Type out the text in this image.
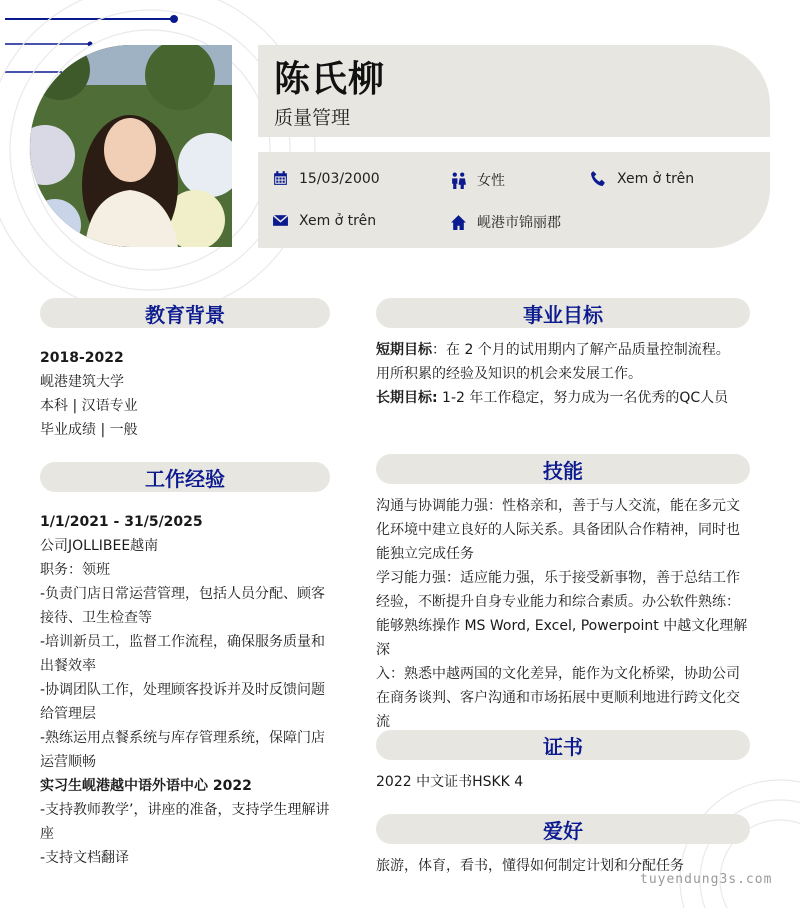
陈氏柳
质量管理
15/03/2000	女性	Xem ở trên
Xem ở trên	岘港市锦丽郡
教育背景

2018-2022

岘港建筑大学

本科 | 汉语专业

毕业成绩 | 一般

工作经验

1/1/2021 - 31/5/2025

公司JOLLIBEE越南

职务：领班

-负责门店日常运营管理，包括人员分配、顾客

接待、卫生检查等

-培训新员工，监督工作流程，确保服务质量和

出餐效率

-协调团队工作，处理顾客投诉并及时反馈问题

给管理层

-熟练运用点餐系统与库存管理系统，保障门店

运营顺畅

实习生岘港越中语外语中心 2022

-支持教师教学’，讲座的准备，支持学生理解讲

座

-支持文档翻译

事业目标

短期目标：在 2 个月的试用期内了解产品质量控制流程。

用所积累的经验及知识的机会来发展工作。

长期目标: 1-2 年工作稳定，努力成为一名优秀的QC人员

技能

沟通与协调能力强：性格亲和，善于与人交流，能在多元文

化环境中建立良好的人际关系。具备团队合作精神，同时也

能独立完成任务

学习能力强：适应能力强，乐于接受新事物，善于总结工作

经验，不断提升自身专业能力和综合素质。办公软件熟练：

能够熟练操作 MS Word, Excel, Powerpoint 中越文化理解深

入：熟悉中越两国的文化差异，能作为文化桥梁，协助公司

在商务谈判、客户沟通和市场拓展中更顺利地进行跨文化交

流

证书

2022 中文证书HSKK 4

爱好

旅游，体育，看书，懂得如何制定计划和分配任务

tuyendung3s.com
